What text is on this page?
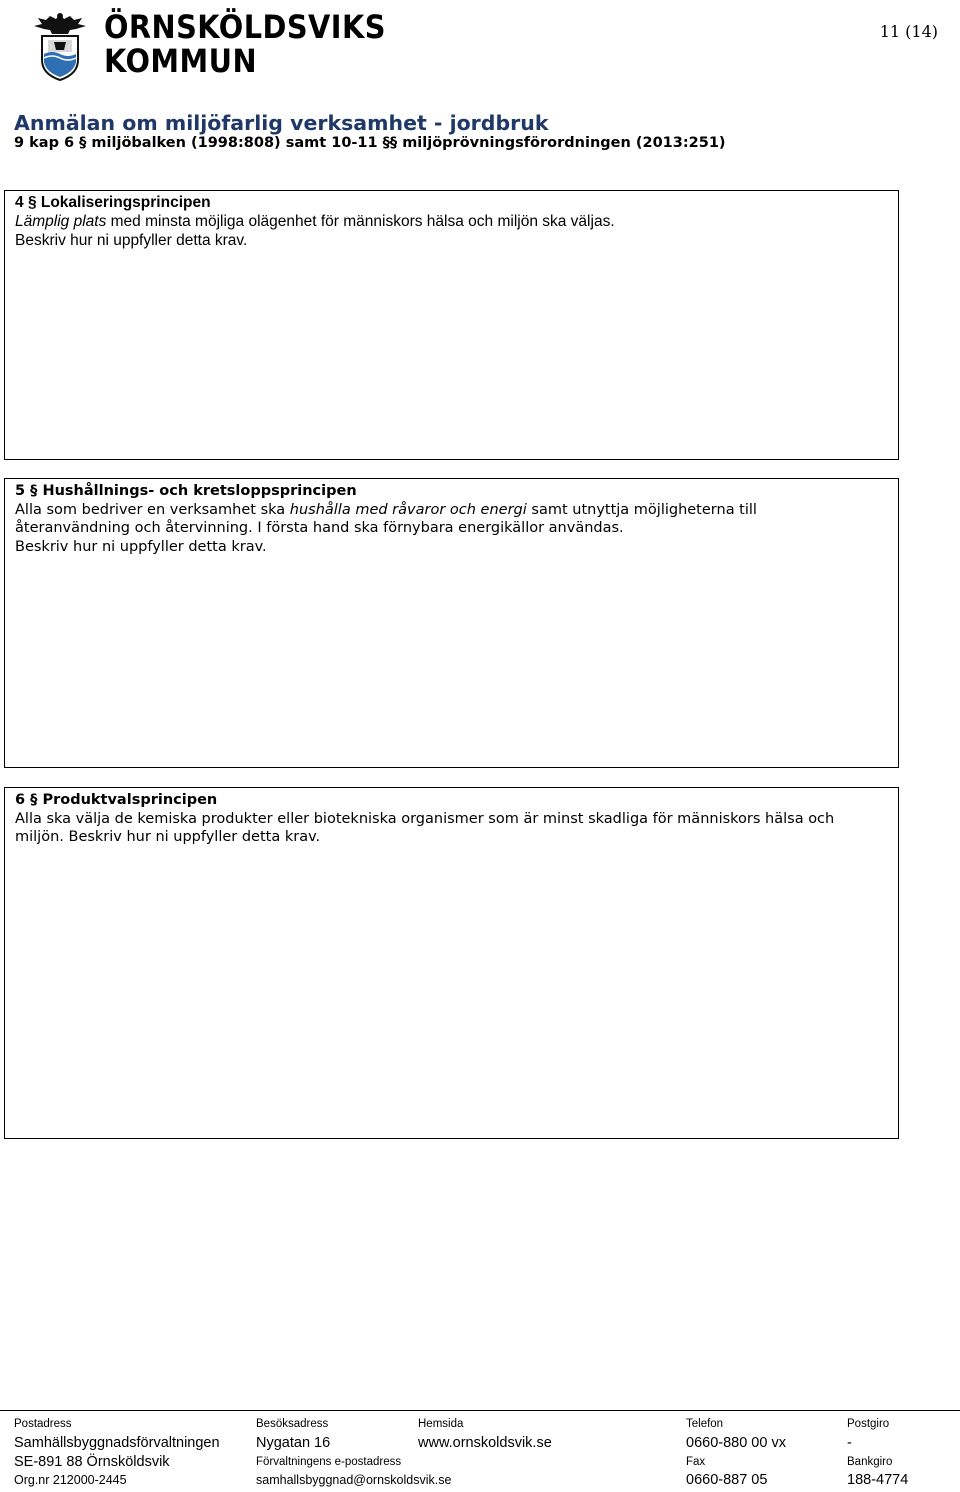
ÖRNSKÖLDSVIKS
KOMMUN
11 (14)
Anmälan om miljöfarlig verksamhet - jordbruk
9 kap 6 § miljöbalken (1998:808) samt 10-11 §§ miljöprövningsförordningen (2013:251)
4 § Lokaliseringsprincipen
Lämplig plats med minsta möjliga olägenhet för människors hälsa och miljön ska väljas.
Beskriv hur ni uppfyller detta krav.
5 § Hushållnings- och kretsloppsprincipen
Alla som bedriver en verksamhet ska hushålla med råvaror och energi samt utnyttja möjligheterna till
återanvändning och återvinning. I första hand ska förnybara energikällor användas.
Beskriv hur ni uppfyller detta krav.
6 § Produktvalsprincipen
Alla ska välja de kemiska produkter eller biotekniska organismer som är minst skadliga för människors hälsa och
miljön. Beskriv hur ni uppfyller detta krav.
Postadress
Samhällsbyggnadsförvaltningen
SE-891 88 Örnsköldsvik
Org.nr 212000-2445
Besöksadress
Nygatan 16
Förvaltningens e-postadress
samhallsbyggnad@ornskoldsvik.se
Hemsida
www.ornskoldsvik.se
Telefon
0660-880 00 vx
Fax
0660-887 05
Postgiro
-
Bankgiro
188-4774
